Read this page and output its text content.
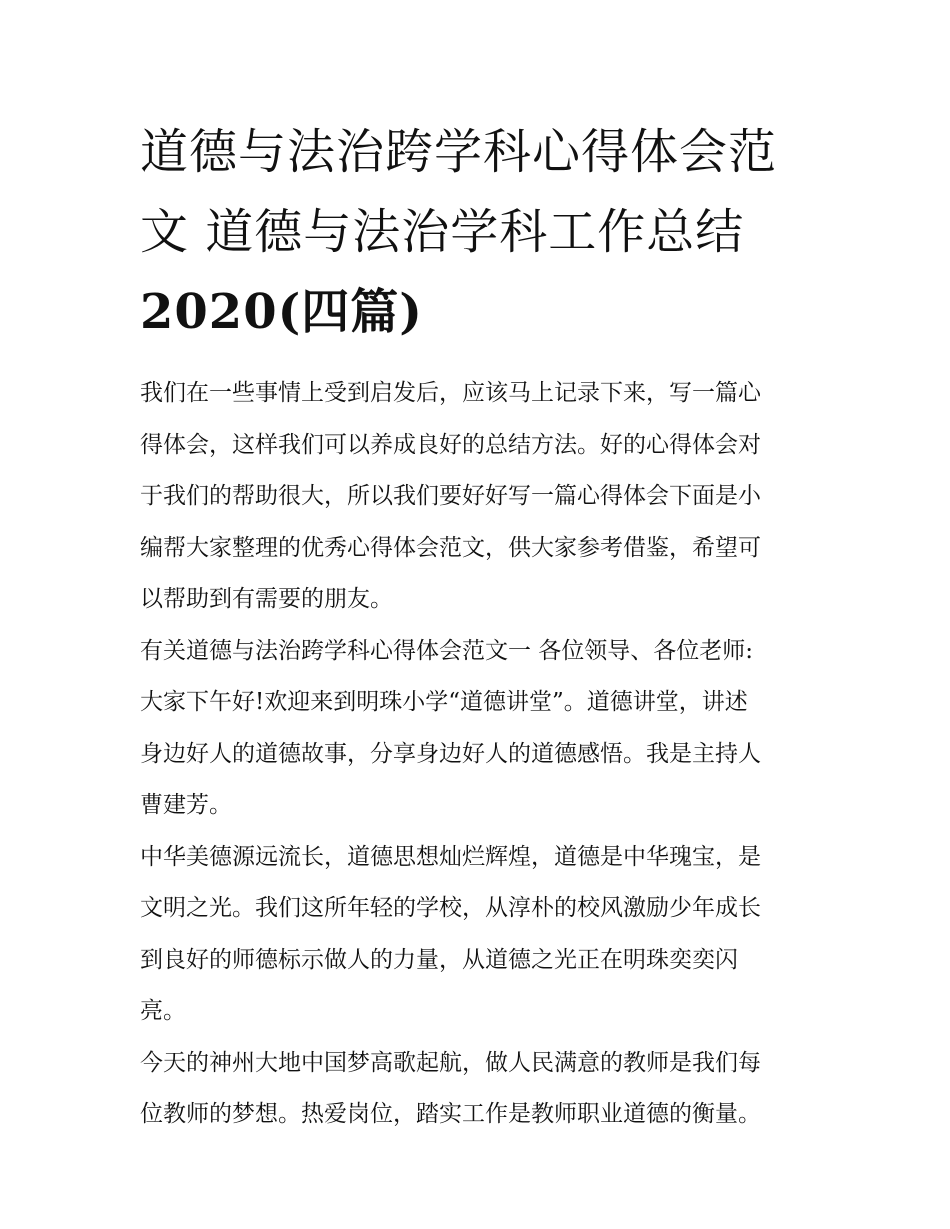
道德与法治跨学科心得体会范
文 道德与法治学科工作总结
2020(四篇)

我们在一些事情上受到启发后，应该马上记录下来，写一篇心
得体会，这样我们可以养成良好的总结方法。好的心得体会对
于我们的帮助很大，所以我们要好好写一篇心得体会下面是小
编帮大家整理的优秀心得体会范文，供大家参考借鉴，希望可
以帮助到有需要的朋友。

有关道德与法治跨学科心得体会范文一 各位领导、各位老师:
大家下午好!欢迎来到明珠小学“道德讲堂”。道德讲堂，讲述
身边好人的道德故事，分享身边好人的道德感悟。我是主持人
曹建芳。

中华美德源远流长，道德思想灿烂辉煌，道德是中华瑰宝，是
文明之光。我们这所年轻的学校，从淳朴的校风激励少年成长
到良好的师德标示做人的力量，从道德之光正在明珠奕奕闪
亮。

今天的神州大地中国梦高歌起航，做人民满意的教师是我们每
位教师的梦想。热爱岗位，踏实工作是教师职业道德的衡量。
